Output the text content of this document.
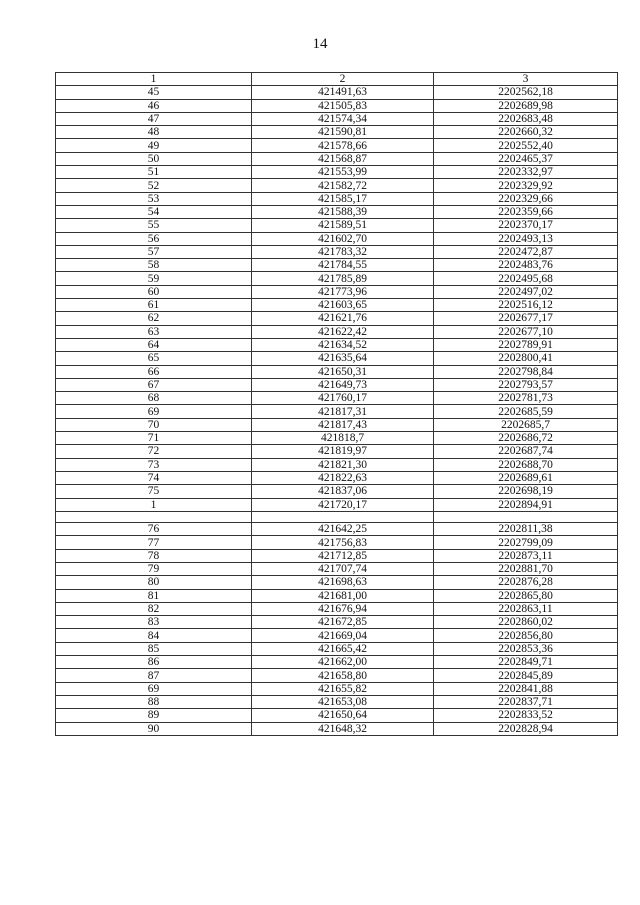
14
1	2	3
45	421491,63	2202562,18
46	421505,83	2202689,98
47	421574,34	2202683,48
48	421590,81	2202660,32
49	421578,66	2202552,40
50	421568,87	2202465,37
51	421553,99	2202332,97
52	421582,72	2202329,92
53	421585,17	2202329,66
54	421588,39	2202359,66
55	421589,51	2202370,17
56	421602,70	2202493,13
57	421783,32	2202472,87
58	421784,55	2202483,76
59	421785,89	2202495,68
60	421773,96	2202497,02
61	421603,65	2202516,12
62	421621,76	2202677,17
63	421622,42	2202677,10
64	421634,52	2202789,91
65	421635,64	2202800,41
66	421650,31	2202798,84
67	421649,73	2202793,57
68	421760,17	2202781,73
69	421817,31	2202685,59
70	421817,43	2202685,7
71	421818,7	2202686,72
72	421819,97	2202687,74
73	421821,30	2202688,70
74	421822,63	2202689,61
75	421837,06	2202698,19
1	421720,17	2202894,91

76	421642,25	2202811,38
77	421756,83	2202799,09
78	421712,85	2202873,11
79	421707,74	2202881,70
80	421698,63	2202876,28
81	421681,00	2202865,80
82	421676,94	2202863,11
83	421672,85	2202860,02
84	421669,04	2202856,80
85	421665,42	2202853,36
86	421662,00	2202849,71
87	421658,80	2202845,89
69	421655,82	2202841,88
88	421653,08	2202837,71
89	421650,64	2202833,52
90	421648,32	2202828,94
